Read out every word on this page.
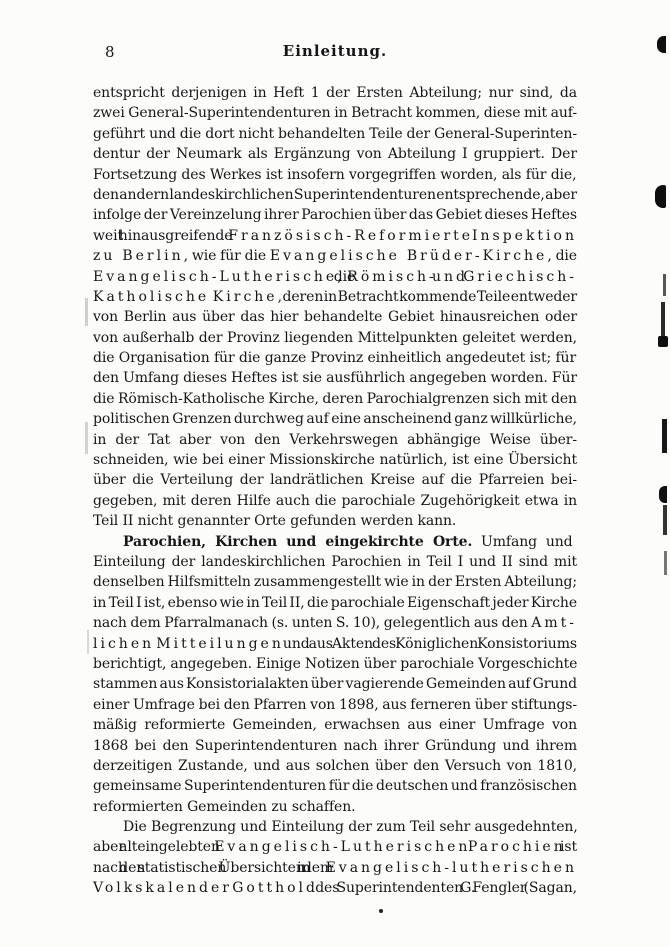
8	Einleitung.
entspricht derjenigen in Heft 1 der Ersten Abteilung; nur sind, da
zwei General-Superintendenturen in Betracht kommen, diese mit auf-
geführt und die dort nicht behandelten Teile der General-Superinten-
dentur der Neumark als Ergänzung von Abteilung I gruppiert. Der
Fortsetzung des Werkes ist insofern vorgegriffen worden, als für die,
den andern landeskirchlichen Superintendenturen entsprechende, aber
infolge der Vereinzelung ihrer Parochien über das Gebiet dieses Heftes
weit hinausgreifende Französisch-Reformierte Inspektion
zu Berlin, wie für die Evangelische Brüder-Kirche, die
Evangelisch-Lutherische, die Römisch- und Griechisch-
Katholische Kirche, deren in Betracht kommende Teile entweder
von Berlin aus über das hier behandelte Gebiet hinausreichen oder
von außerhalb der Provinz liegenden Mittelpunkten geleitet werden,
die Organisation für die ganze Provinz einheitlich angedeutet ist; für
den Umfang dieses Heftes ist sie ausführlich angegeben worden. Für
die Römisch-Katholische Kirche, deren Parochialgrenzen sich mit den
politischen Grenzen durchweg auf eine anscheinend ganz willkürliche,
in der Tat aber von den Verkehrswegen abhängige Weise über-
schneiden, wie bei einer Missionskirche natürlich, ist eine Übersicht
über die Verteilung der landrätlichen Kreise auf die Pfarreien bei-
gegeben, mit deren Hilfe auch die parochiale Zugehörigkeit etwa in
Teil II nicht genannter Orte gefunden werden kann.
Parochien, Kirchen und eingekirchte Orte. Umfang und
Einteilung der landeskirchlichen Parochien in Teil I und II sind mit
denselben Hilfsmitteln zusammengestellt wie in der Ersten Abteilung;
in Teil I ist, ebenso wie in Teil II, die parochiale Eigenschaft jeder Kirche
nach dem Pfarralmanach (s. unten S. 10), gelegentlich aus den Amt-
lichen Mitteilungen und aus Akten des Königlichen Konsistoriums
berichtigt, angegeben. Einige Notizen über parochiale Vorgeschichte
stammen aus Konsistorialakten über vagierende Gemeinden auf Grund
einer Umfrage bei den Pfarren von 1898, aus ferneren über stiftungs-
mäßig reformierte Gemeinden, erwachsen aus einer Umfrage von
1868 bei den Superintendenturen nach ihrer Gründung und ihrem
derzeitigen Zustande, und aus solchen über den Versuch von 1810,
gemeinsame Superintendenturen für die deutschen und französischen
reformierten Gemeinden zu schaffen.
Die Begrenzung und Einteilung der zum Teil sehr ausgedehnten,
aber alteingelebten Evangelisch-Lutherischen Parochien ist
nach den statistischen Übersichten in dem Evangelisch-lutherischen
Volkskalender Gotthold des Superintendenten G. Fengler (Sagan,
